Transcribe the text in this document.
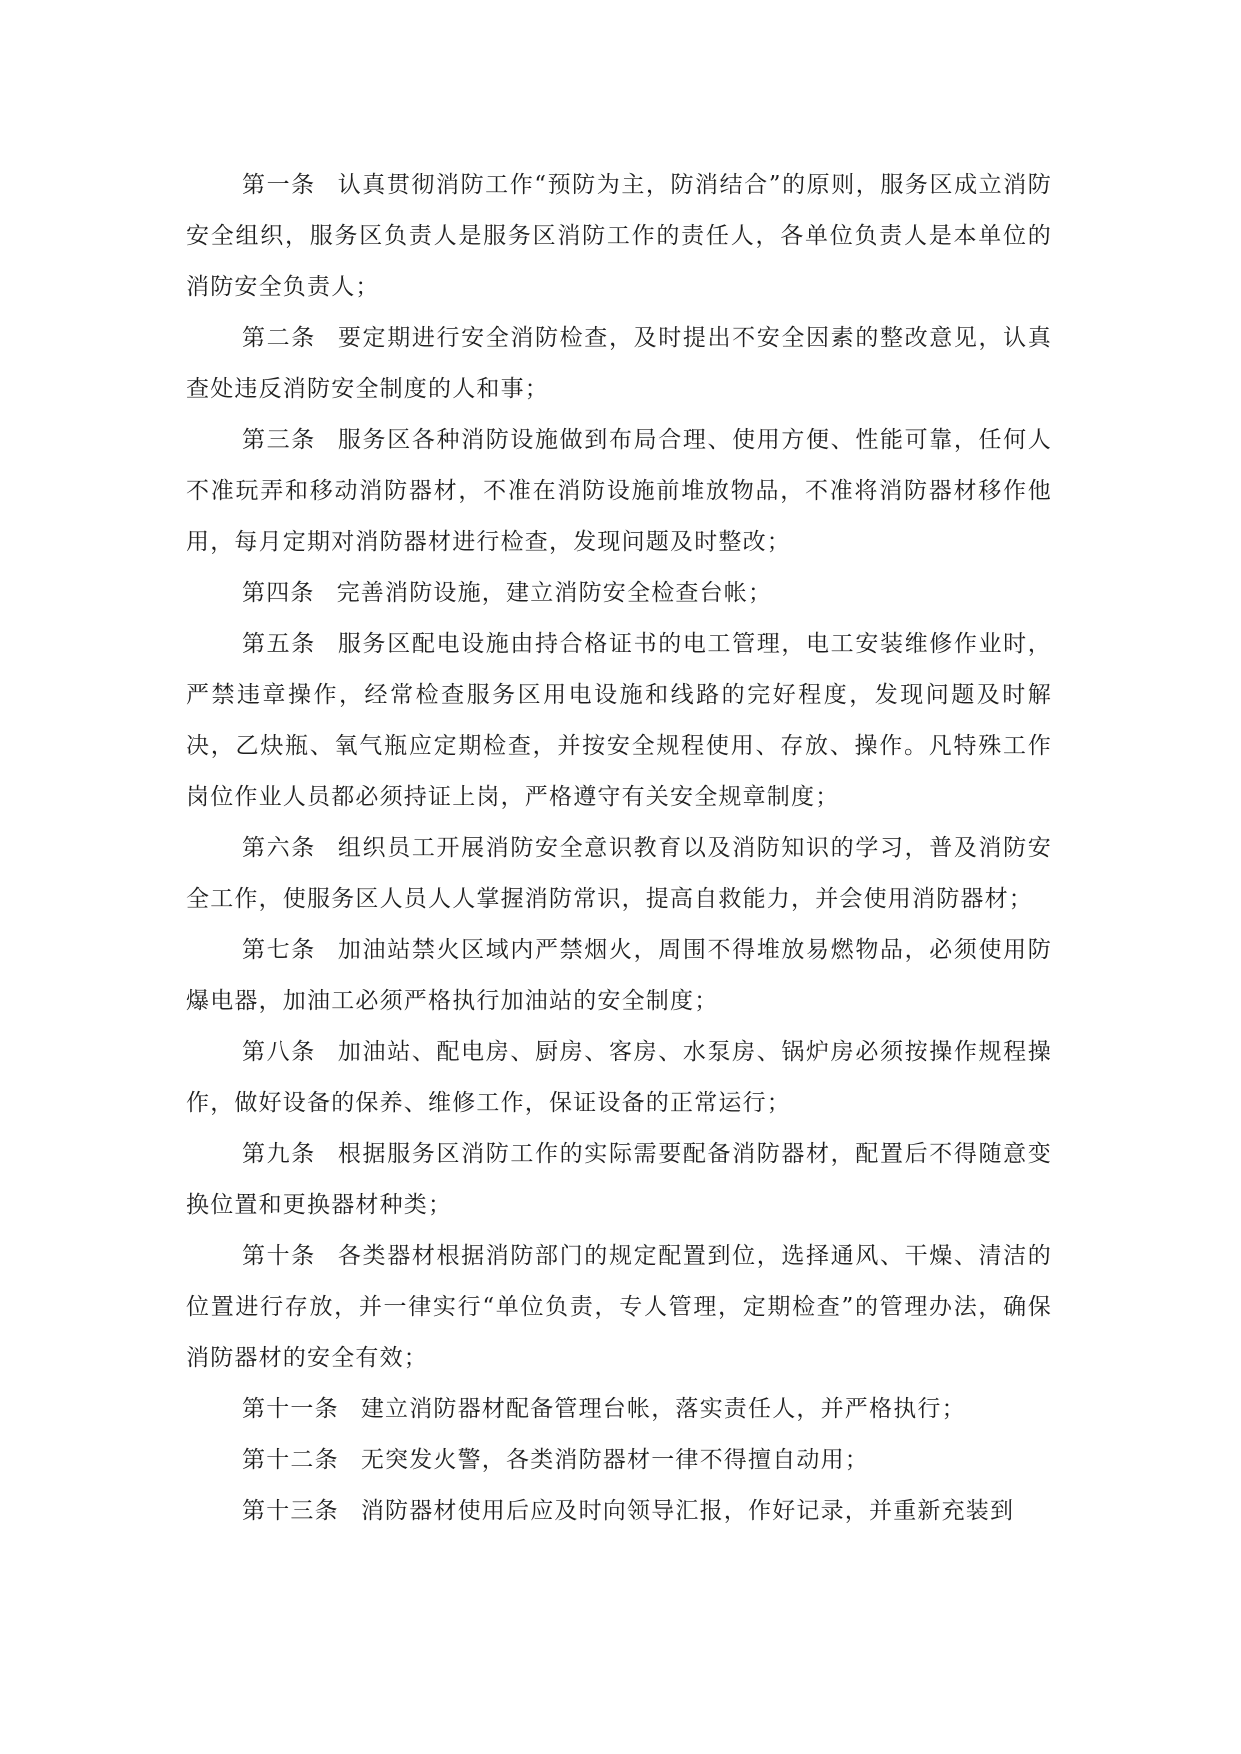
第一条 认真贯彻消防工作“预防为主，防消结合”的原则，服务区成立消防安全组织，服务区负责人是服务区消防工作的责任人，各单位负责人是本单位的消防安全负责人；

第二条 要定期进行安全消防检查，及时提出不安全因素的整改意见，认真查处违反消防安全制度的人和事；

第三条 服务区各种消防设施做到布局合理、使用方便、性能可靠，任何人不准玩弄和移动消防器材，不准在消防设施前堆放物品，不准将消防器材移作他用，每月定期对消防器材进行检查，发现问题及时整改；

第四条 完善消防设施，建立消防安全检查台帐；

第五条 服务区配电设施由持合格证书的电工管理，电工安装维修作业时，严禁违章操作，经常检查服务区用电设施和线路的完好程度，发现问题及时解决，乙炔瓶、氧气瓶应定期检查，并按安全规程使用、存放、操作。凡特殊工作岗位作业人员都必须持证上岗，严格遵守有关安全规章制度；

第六条 组织员工开展消防安全意识教育以及消防知识的学习，普及消防安全工作，使服务区人员人人掌握消防常识，提高自救能力，并会使用消防器材；

第七条 加油站禁火区域内严禁烟火，周围不得堆放易燃物品，必须使用防爆电器，加油工必须严格执行加油站的安全制度；

第八条 加油站、配电房、厨房、客房、水泵房、锅炉房必须按操作规程操作，做好设备的保养、维修工作，保证设备的正常运行；

第九条 根据服务区消防工作的实际需要配备消防器材，配置后不得随意变换位置和更换器材种类；

第十条 各类器材根据消防部门的规定配置到位，选择通风、干燥、清洁的位置进行存放，并一律实行“单位负责，专人管理，定期检查”的管理办法，确保消防器材的安全有效；

第十一条 建立消防器材配备管理台帐，落实责任人，并严格执行；

第十二条 无突发火警，各类消防器材一律不得擅自动用；

第十三条 消防器材使用后应及时向领导汇报，作好记录，并重新充装到
